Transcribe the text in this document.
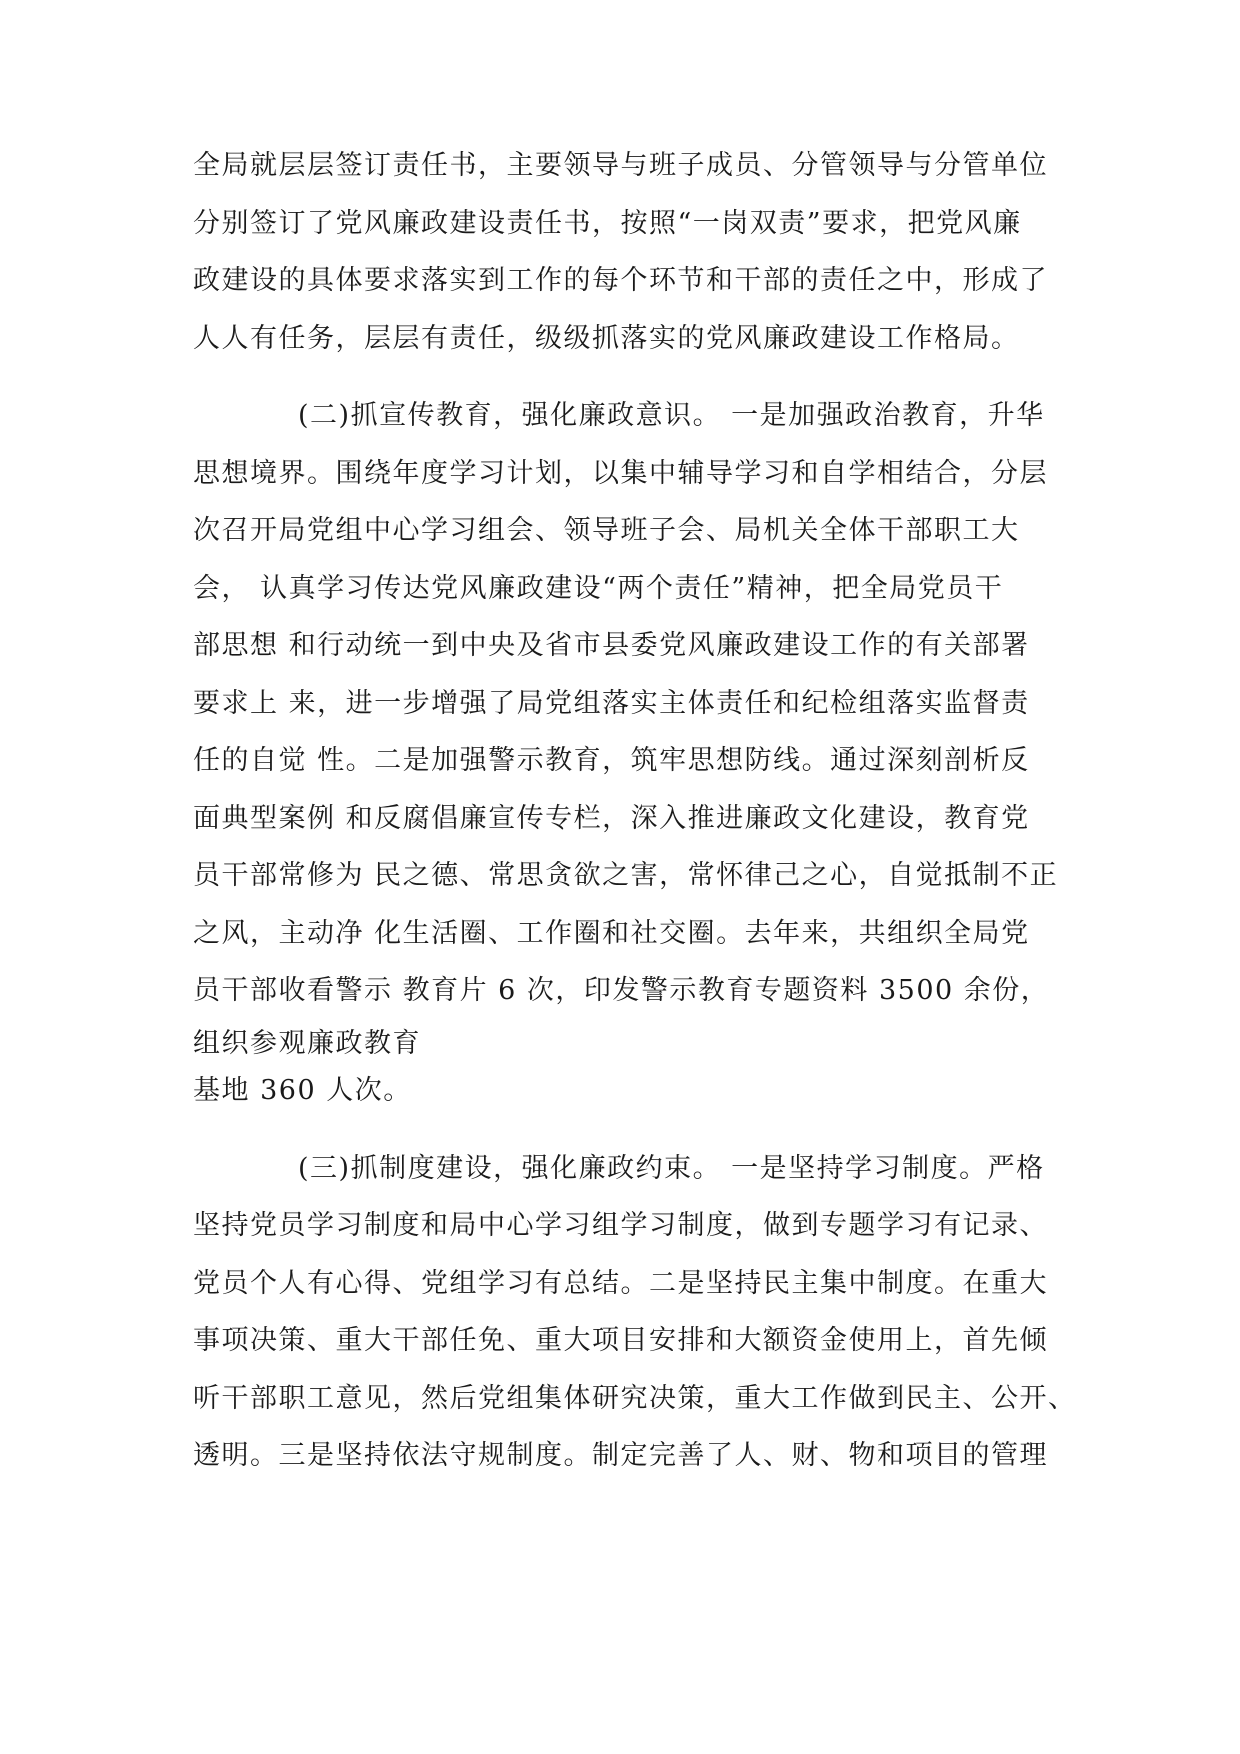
全局就层层签订责任书，主要领导与班子成员、分管领导与分管单位
分别签订了党风廉政建设责任书，按照“一岗双责”要求，把党风廉
政建设的具体要求落实到工作的每个环节和干部的责任之中，形成了
人人有任务，层层有责任，级级抓落实的党风廉政建设工作格局。
(二)抓宣传教育，强化廉政意识。 一是加强政治教育，升华
思想境界。围绕年度学习计划，以集中辅导学习和自学相结合，分层
次召开局党组中心学习组会、领导班子会、局机关全体干部职工大
会， 认真学习传达党风廉政建设“两个责任”精神，把全局党员干
部思想 和行动统一到中央及省市县委党风廉政建设工作的有关部署
要求上 来，进一步增强了局党组落实主体责任和纪检组落实监督责
任的自觉 性。二是加强警示教育，筑牢思想防线。通过深刻剖析反
面典型案例 和反腐倡廉宣传专栏，深入推进廉政文化建设，教育党
员干部常修为 民之德、常思贪欲之害，常怀律己之心，自觉抵制不正
之风，主动净 化生活圈、工作圈和社交圈。去年来，共组织全局党
员干部收看警示 教育片 6 次，印发警示教育专题资料 3500 余份，
组织参观廉政教育
基地 360 人次。
(三)抓制度建设，强化廉政约束。 一是坚持学习制度。严格
坚持党员学习制度和局中心学习组学习制度，做到专题学习有记录、
党员个人有心得、党组学习有总结。二是坚持民主集中制度。在重大
事项决策、重大干部任免、重大项目安排和大额资金使用上，首先倾
听干部职工意见，然后党组集体研究决策，重大工作做到民主、公开、
透明。三是坚持依法守规制度。制定完善了人、财、物和项目的管理
